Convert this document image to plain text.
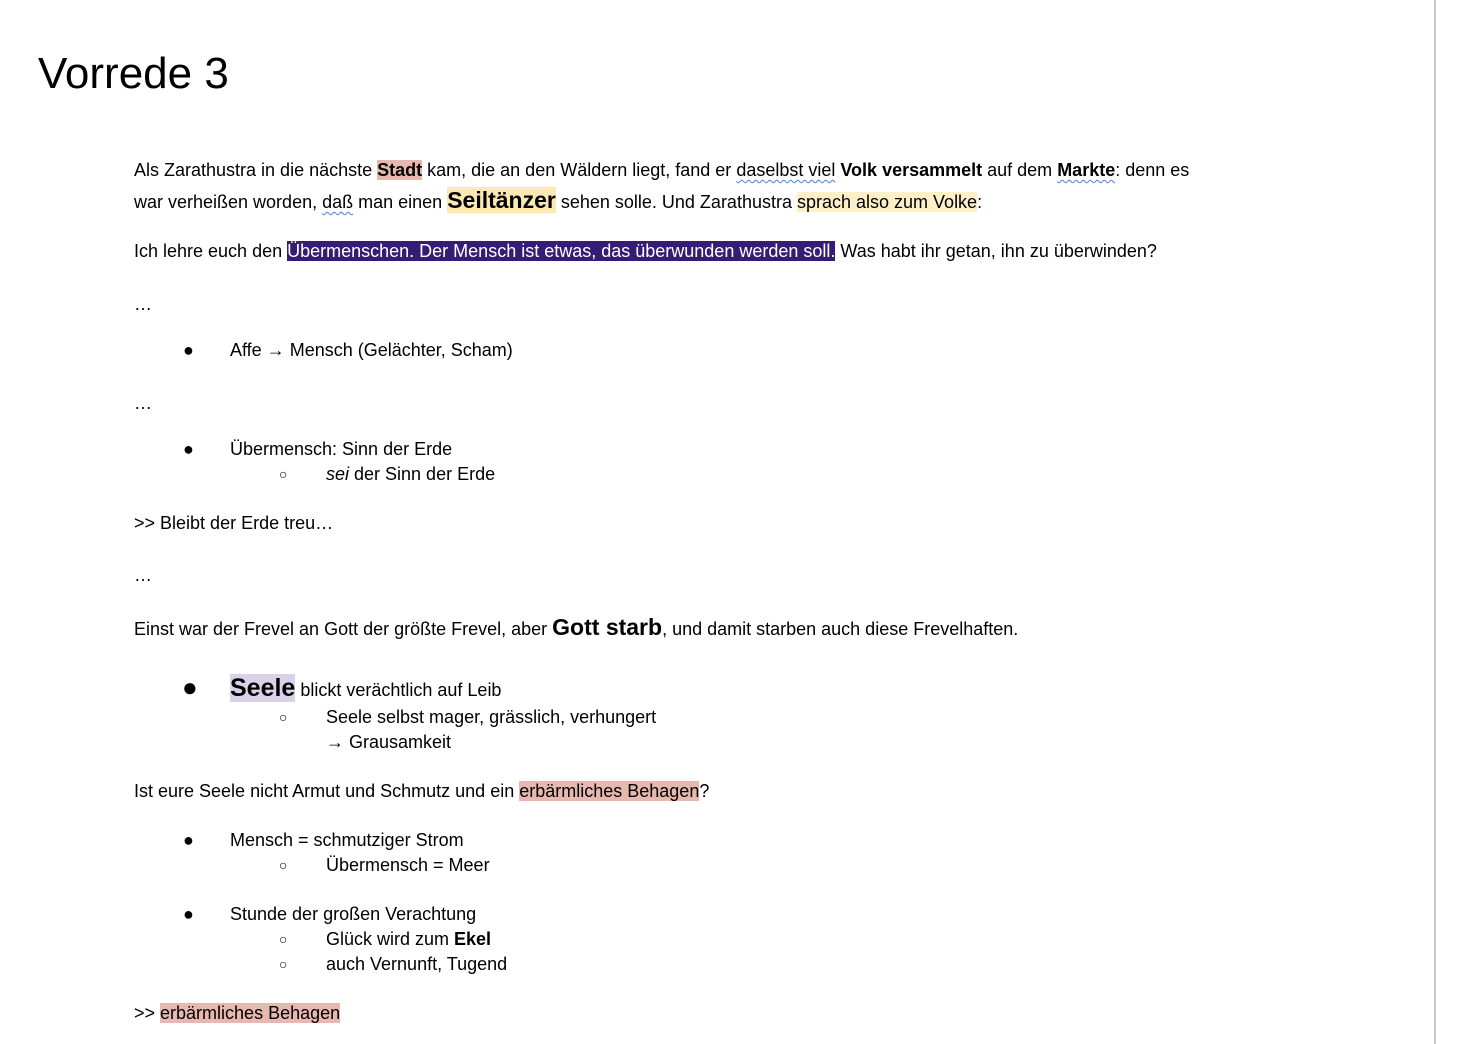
Vorrede 3
Als Zarathustra in die nächste Stadt kam, die an den Wäldern liegt, fand er daselbst viel Volk versammelt auf dem Markte: denn es
war verheißen worden, daß man einen Seiltänzer sehen solle. Und Zarathustra sprach also zum Volke:
Ich lehre euch den Übermenschen. Der Mensch ist etwas, das überwunden werden soll. Was habt ihr getan, ihn zu überwinden?
…
● Affe → Mensch (Gelächter, Scham)
…
● Übermensch: Sinn der Erde
○ sei der Sinn der Erde
>> Bleibt der Erde treu…
…
Einst war der Frevel an Gott der größte Frevel, aber Gott starb, und damit starben auch diese Frevelhaften.
● Seele blickt verächtlich auf Leib
○ Seele selbst mager, grässlich, verhungert
→ Grausamkeit
Ist eure Seele nicht Armut und Schmutz und ein erbärmliches Behagen?
● Mensch = schmutziger Strom
○ Übermensch = Meer
● Stunde der großen Verachtung
○ Glück wird zum Ekel
○ auch Vernunft, Tugend
>> erbärmliches Behagen
